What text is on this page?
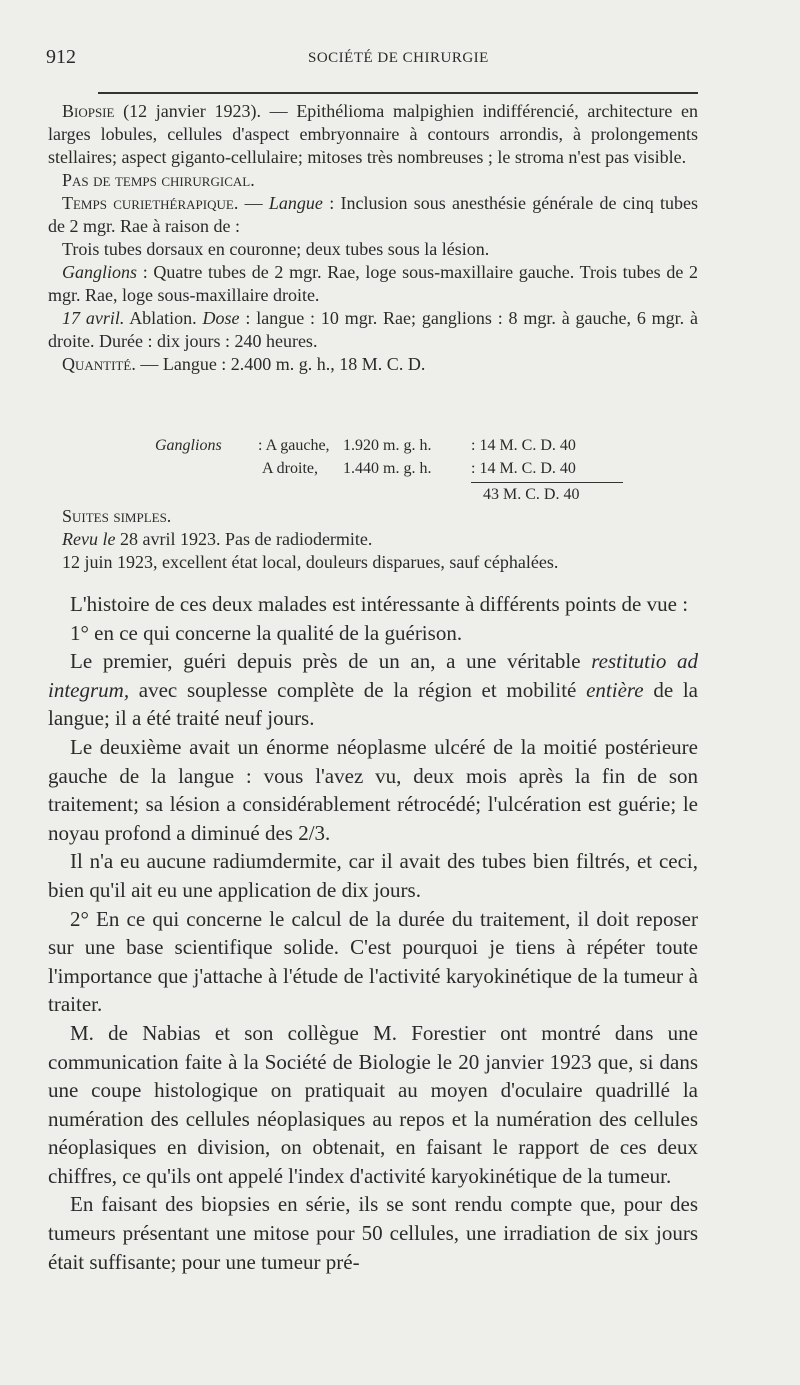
912	SOCIÉTÉ DE CHIRURGIE

Biopsie (12 janvier 1923). — Epithélioma malpighien indifférencié, architecture en larges lobules, cellules d'aspect embryonnaire à contours arrondis, à prolongements stellaires; aspect giganto-cellulaire; mitoses très nombreuses ; le stroma n'est pas visible.

Pas de temps chirurgical.

Temps curiethérapique. — Langue : Inclusion sous anesthésie générale de cinq tubes de 2 mgr. Rae à raison de :

Trois tubes dorsaux en couronne; deux tubes sous la lésion.

Ganglions : Quatre tubes de 2 mgr. Rae, loge sous-maxillaire gauche. Trois tubes de 2 mgr. Rae, loge sous-maxillaire droite.

17 avril. Ablation. Dose : langue : 10 mgr. Rae; ganglions : 8 mgr. à gauche, 6 mgr. à droite. Durée : dix jours : 240 heures.

Quantité. — Langue : 2.400 m. g. h., 18 M. C. D.

Ganglions : A gauche, 1.920 m. g. h. : 14 M. C. D. 40
A droite, 1.440 m. g. h. : 14 M. C. D. 40
43 M. C. D. 40

Suites simples.

Revu le 28 avril 1923. Pas de radiodermite.

12 juin 1923, excellent état local, douleurs disparues, sauf céphalées.

L'histoire de ces deux malades est intéressante à différents points de vue :

1° en ce qui concerne la qualité de la guérison.

Le premier, guéri depuis près de un an, a une véritable restitutio ad integrum, avec souplesse complète de la région et mobilité entière de la langue; il a été traité neuf jours.

Le deuxième avait un énorme néoplasme ulcéré de la moitié postérieure gauche de la langue : vous l'avez vu, deux mois après la fin de son traitement; sa lésion a considérablement rétrocédé; l'ulcération est guérie; le noyau profond a diminué des 2/3.

Il n'a eu aucune radiumdermite, car il avait des tubes bien filtrés, et ceci, bien qu'il ait eu une application de dix jours.

2° En ce qui concerne le calcul de la durée du traitement, il doit reposer sur une base scientifique solide. C'est pourquoi je tiens à répéter toute l'importance que j'attache à l'étude de l'activité karyokinétique de la tumeur à traiter.

M. de Nabias et son collègue M. Forestier ont montré dans une communication faite à la Société de Biologie le 20 janvier 1923 que, si dans une coupe histologique on pratiquait au moyen d'oculaire quadrillé la numération des cellules néoplasiques au repos et la numération des cellules néoplasiques en division, on obtenait, en faisant le rapport de ces deux chiffres, ce qu'ils ont appelé l'index d'activité karyokinétique de la tumeur.

En faisant des biopsies en série, ils se sont rendu compte que, pour des tumeurs présentant une mitose pour 50 cellules, une irradiation de six jours était suffisante; pour une tumeur pré-
